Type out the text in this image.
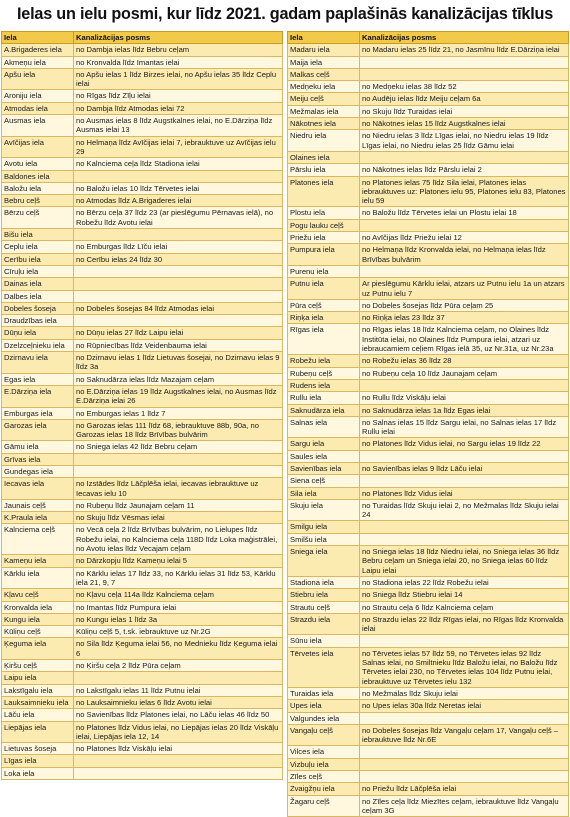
Ielas un ielu posmi, kur līdz 2021. gadam paplašinās kanalizācijas tīklus
Iela	Kanalizācijas posms
A.Brigaderes iela	no Dambja ielas līdz Bebru ceļam
Akmeņu iela	no Kronvalda līdz Imantas ielai
Apšu iela	no Apšu ielas 1 līdz Birzes ielai, no Apšu ielas 35 līdz Ceplu ielai
Aroniju iela	no Rīgas līdz Zīļu ielai
Atmodas iela	no Dambja līdz Atmodas ielai 72
Ausmas iela	no Ausmas ielas 8 līdz Augstkalnes ielai, no E.Dārziņa līdz Ausmas ielai 13
Avīčijas iela	no Helmaņa līdz Avīčijas ielai 7, iebrauktuve uz Avīčijas ielu 29
Avotu iela	no Kalnciema ceļa līdz Stadiona ielai
Baldones iela	
Baložu iela	no Baložu ielas 10 līdz Tērvetes ielai
Bebru ceļš	no Atmodas līdz A.Brigaderes ielai
Bērzu ceļš	no Bērzu ceļa 37 līdz 23 (ar pieslēgumu Pērnavas ielā), no Robežu līdz Avotu ielai
Bišu iela	
Ceplu iela	no Emburgas līdz Līču ielai
Cerību iela	no Cerību ielas 24 līdz 30
Cīruļu iela	
Dainas iela	
Dalbes iela	
Dobeles šoseja	no Dobeles šosejas 84 līdz Atmodas ielai
Draudzības iela	
Dūņu iela	no Dūņu ielas 27 līdz Laipu ielai
Dzelzceļnieku iela	no Rūpniecības līdz Veidenbauma ielai
Dzirnavu iela	no Dzirnavu ielas 1 līdz Lietuvas šosejai, no Dzirnavu ielas 9 līdz 3a
Egas iela	no Saknudārza ielas līdz Mazajam ceļam
E.Dārziņa iela	no E.Dārziņa ielas 19 līdz Augstkalnes ielai, no Ausmas līdz E.Dārziņa ielai 26
Emburgas iela	no Emburgas ielas 1 līdz 7
Garozas iela	no Garozas ielas 111 līdz 68, iebrauktuve 88b, 90a, no Garozas ielas 18 līdz Brīvības bulvārim
Gāmu iela	no Sniega ielas 42 līdz Bebru ceļam
Grīvas iela	
Gundegas iela	
Iecavas iela	no Izstādes līdz Lāčplēša ielai, iecavas iebrauktuve uz Iecavas ielu 10
Jaunais ceļš	no Rubeņu līdz Jaunajam ceļam 11
K.Praula iela	no Skuju līdz Vēsmas ielai
Kalnciema ceļš	no Vecā ceļa 2 līdz Brīvības bulvārim, no Lielupes līdz Robežu ielai, no Kalnciema ceļa 118D līdz Loka maģistrālei, no Avotu ielas līdz Vecajam ceļam
Kameņu iela	no Dārzkopju līdz Kameņu ielai 5
Kārklu iela	no Kārklu ielas 17 līdz 33, no Kārklu ielas 31 līdz 53, Kārklu iela 21, 9, 7
Kļavu ceļš	no Kļavu ceļa 114a līdz Kalnciema ceļam
Kronvalda iela	no Imantas līdz Pumpura ielai
Kungu iela	no Kungu ielas 1 līdz 3a
Kūliņu ceļš	Kūliņu ceļš 5, t.sk. iebrauktuve uz Nr.2G
Ķeguma iela	no Sila līdz Ķeguma ielai 56, no Mednieku līdz Ķeguma ielai 6
Ķiršu ceļš	no Ķiršu ceļa 2 līdz Pūra ceļam
Laipu iela	
Lakstīgalu iela	no Lakstīgalu ielas 11 līdz Putnu ielai
Lauksaimnieku iela	no Lauksaimnieku ielas 6 līdz Avotu ielai
Lāču iela	no Savienības līdz Platones ielai, no Lāču ielas 46 līdz 50
Liepājas iela	no Platones līdz Vidus ielai, no Liepājas ielas 20 līdz Viskāļu ielai, Liepājas iela 12, 14
Lietuvas šoseja	no Platones līdz Viskāļu ielai
Līgas iela	
Loka iela	
Iela	Kanalizācijas posms
Madaru iela	no Madaru ielas 25 līdz 21, no Jasmīnu līdz E.Dārziņa ielai
Maija iela	
Malkas ceļš	
Medņeku iela	no Medņeku ielas 38 līdz 52
Meiju ceļš	no Audēju ielas līdz Meiju ceļam 6a
Mežmalas iela	no Skuju līdz Turaidas ielai
Nākotnes iela	no Nākotnes ielas 15 līdz Augstkalnes ielai
Niedru iela	no Niedru ielas 3 līdz Līgas ielai, no Niedru ielas 19 līdz Līgas ielai, no Niedru ielas 25 līdz Gāmu ielai
Olaines iela	
Pārslu iela	no Nākotnes ielas līdz Pārslu ielai 2
Platones iela	no Platones ielas 75 līdz Sila ielai, Platones ielas iebrauktuves uz: Platones ielu 95, Platones ielu 83, Platones ielu 59
Plostu iela	no Baložu līdz Tērvetes ielai un Plostu ielai 18
Pogu lauku ceļš	
Priežu iela	no Avīčijas līdz Priežu ielai 12
Pumpura iela	no Helmaņa līdz Kronvalda ielai, no Helmaņa ielas līdz Brīvības bulvārim
Purenu iela	
Putnu iela	Ar pieslēgumu Kārklu ielai, atzars uz Putnu ielu 1a un atzars uz Putnu ielu 7
Pūra ceļš	no Dobeles šosejas līdz Pūra ceļam 25
Riņķa iela	no Riņķa ielas 23 līdz 37
Rīgas iela	no Rīgas ielas 18 līdz Kalnciema ceļam, no Olaines līdz Institūta ielai, no Olaines līdz Pumpura ielai, atzari uz iebraucamiem ceļiem Rīgas ielā 35, uz Nr.31a, uz Nr.23a
Robežu iela	no Robežu ielas 36 līdz 28
Rubeņu ceļš	no Rubeņu ceļa 10 līdz Jaunajam ceļam
Rudens iela	
Rullu iela	no Rullu līdz Viskāļu ielai
Saknudārza iela	no Saknudārza ielas 1a līdz Egas ielai
Salnas iela	no Salnas ielas 15 līdz Sargu ielai, no Salnas ielas 17 līdz Rullu ielai
Sargu iela	no Platones līdz Vidus ielai, no Sargu ielas 19 līdz 22
Saules iela	
Savienības iela	no Savienības ielas 9 līdz Lāču ielai
Siena ceļš	
Sila iela	no Platones līdz Vidus ielai
Skuju iela	no Turaidas līdz Skuju ielai 2, no Mežmalas līdz Skuju ielai 24
Smilgu iela	
Smilšu iela	
Sniega iela	no Sniega ielas 18 līdz Niedru ielai, no Sniega ielas 36 līdz Bebru ceļam un Sniega ielai 20, no Sniega ielas 60 līdz Laipu ielai
Stadiona iela	no Stadiona ielas 22 līdz Robežu ielai
Stiebru iela	no Sniega līdz Stiebru ielai 14
Strautu ceļš	no Strautu ceļa 6 līdz Kalnciema ceļam
Strazdu iela	no Strazdu ielas 22 līdz Rīgas ielai, no Rīgas līdz Kronvalda ielai
Sūnu iela	
Tērvetes iela	no Tērvetes ielas 57 līdz 59, no Tērvetes ielas 92 līdz Salnas ielai, no Smiltnieku līdz Baložu ielai, no Baložu līdz Tērvetes ielai 230, no Tērvetes ielas 104 līdz Putnu ielai, iebrauktuve uz Tērvetes ielu 132
Turaidas iela	no Mežmalas līdz Skuju ielai
Upes iela	no Upes ielas 30a līdz Neretas ielai
Valgundes iela	
Vangaļu ceļš	no Dobeles šosejas līdz Vangaļu ceļam 17, Vangaļu ceļš – iebrauktuve līdz Nr.6E
Vilces iela	
Vizbuļu iela	
Zīles ceļš	
Zvaigžņu iela	no Priežu līdz Lāčplēša ielai
Žagaru ceļš	no Zīles ceļa līdz Miezītes ceļam, iebrauktuve līdz Vangaļu ceļam 3G
